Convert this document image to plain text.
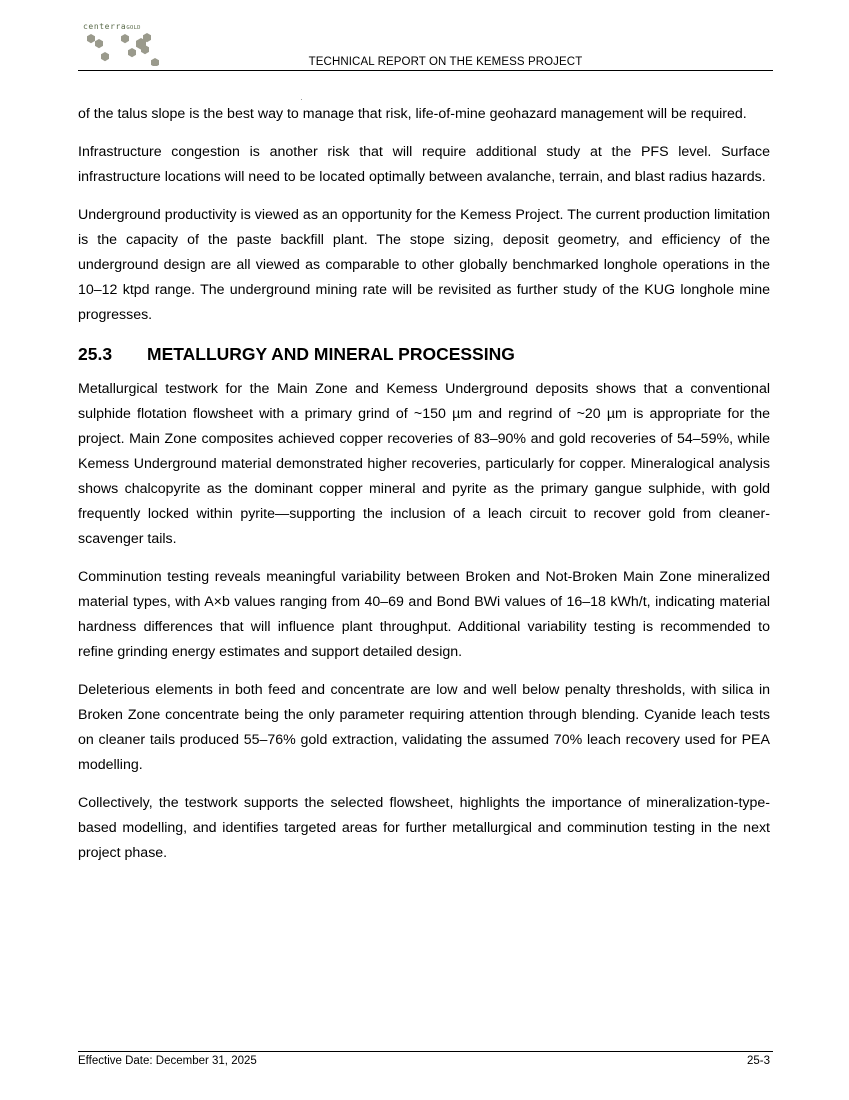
centerraGOLD
TECHNICAL REPORT ON THE KEMESS PROJECT

of the talus slope is the best way to manage that risk, life-of-mine geohazard management will be required.

Infrastructure congestion is another risk that will require additional study at the PFS level. Surface infrastructure locations will need to be located optimally between avalanche, terrain, and blast radius hazards.

Underground productivity is viewed as an opportunity for the Kemess Project. The current production limitation is the capacity of the paste backfill plant. The stope sizing, deposit geometry, and efficiency of the underground design are all viewed as comparable to other globally benchmarked longhole operations in the 10–12 ktpd range. The underground mining rate will be revisited as further study of the KUG longhole mine progresses.

25.3	METALLURGY AND MINERAL PROCESSING

Metallurgical testwork for the Main Zone and Kemess Underground deposits shows that a conventional sulphide flotation flowsheet with a primary grind of ~150 µm and regrind of ~20 µm is appropriate for the project. Main Zone composites achieved copper recoveries of 83–90% and gold recoveries of 54–59%, while Kemess Underground material demonstrated higher recoveries, particularly for copper. Mineralogical analysis shows chalcopyrite as the dominant copper mineral and pyrite as the primary gangue sulphide, with gold frequently locked within pyrite—supporting the inclusion of a leach circuit to recover gold from cleaner-scavenger tails.

Comminution testing reveals meaningful variability between Broken and Not-Broken Main Zone mineralized material types, with A×b values ranging from 40–69 and Bond BWi values of 16–18 kWh/t, indicating material hardness differences that will influence plant throughput. Additional variability testing is recommended to refine grinding energy estimates and support detailed design.

Deleterious elements in both feed and concentrate are low and well below penalty thresholds, with silica in Broken Zone concentrate being the only parameter requiring attention through blending. Cyanide leach tests on cleaner tails produced 55–76% gold extraction, validating the assumed 70% leach recovery used for PEA modelling.

Collectively, the testwork supports the selected flowsheet, highlights the importance of mineralization-type-based modelling, and identifies targeted areas for further metallurgical and comminution testing in the next project phase.

Effective Date: December 31, 2025	25-3
